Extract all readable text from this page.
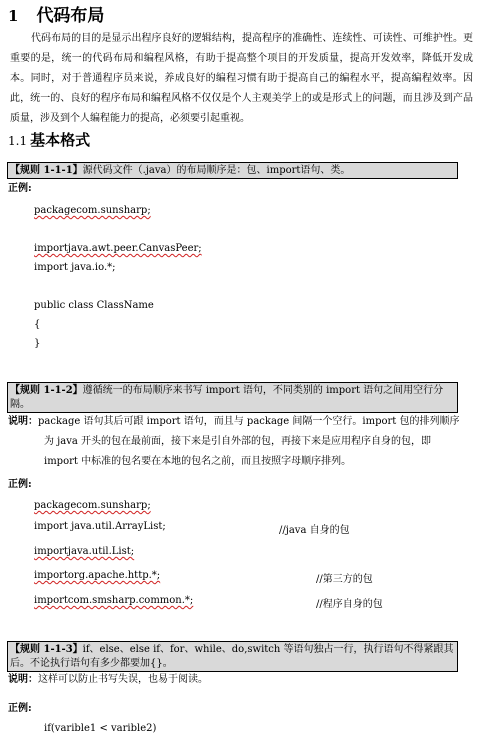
1 代码布局
代码布局的目的是显示出程序良好的逻辑结构，提高程序的准确性、连续性、可读性、可维护性。更重要的是，统一的代码布局和编程风格，有助于提高整个项目的开发质量，提高开发效率，降低开发成本。同时，对于普通程序员来说，养成良好的编程习惯有助于提高自己的编程水平，提高编程效率。因此，统一的、良好的程序布局和编程风格不仅仅是个人主观美学上的或是形式上的问题，而且涉及到产品质量，涉及到个人编程能力的提高，必须要引起重视。
1.1 基本格式
【规则 1-1-1】源代码文件（.java）的布局顺序是：包、import语句、类。
正例:
packagecom.sunsharp;
importjava.awt.peer.CanvasPeer;
import java.io.*;
public class ClassName
{
}
【规则 1-1-2】遵循统一的布局顺序来书写 import 语句，不同类别的 import 语句之间用空行分隔。
说明：package 语句其后可跟 import 语句，而且与 package 间隔一个空行。import 包的排列顺序
为 java 开头的包在最前面，接下来是引自外部的包，再接下来是应用程序自身的包，即
import 中标准的包名要在本地的包名之前，而且按照字母顺序排列。
正例:
packagecom.sunsharp;
import java.util.ArrayList;	//java 自身的包
importjava.util.List;
importorg.apache.http.*;	//第三方的包
importcom.smsharp.common.*;	//程序自身的包
【规则 1-1-3】if、else、else if、for、while、do,switch 等语句独占一行，执行语句不得紧跟其后。不论执行语句有多少都要加{}。
说明：这样可以防止书写失误，也易于阅读。
正例:
if(varible1 < varible2)
